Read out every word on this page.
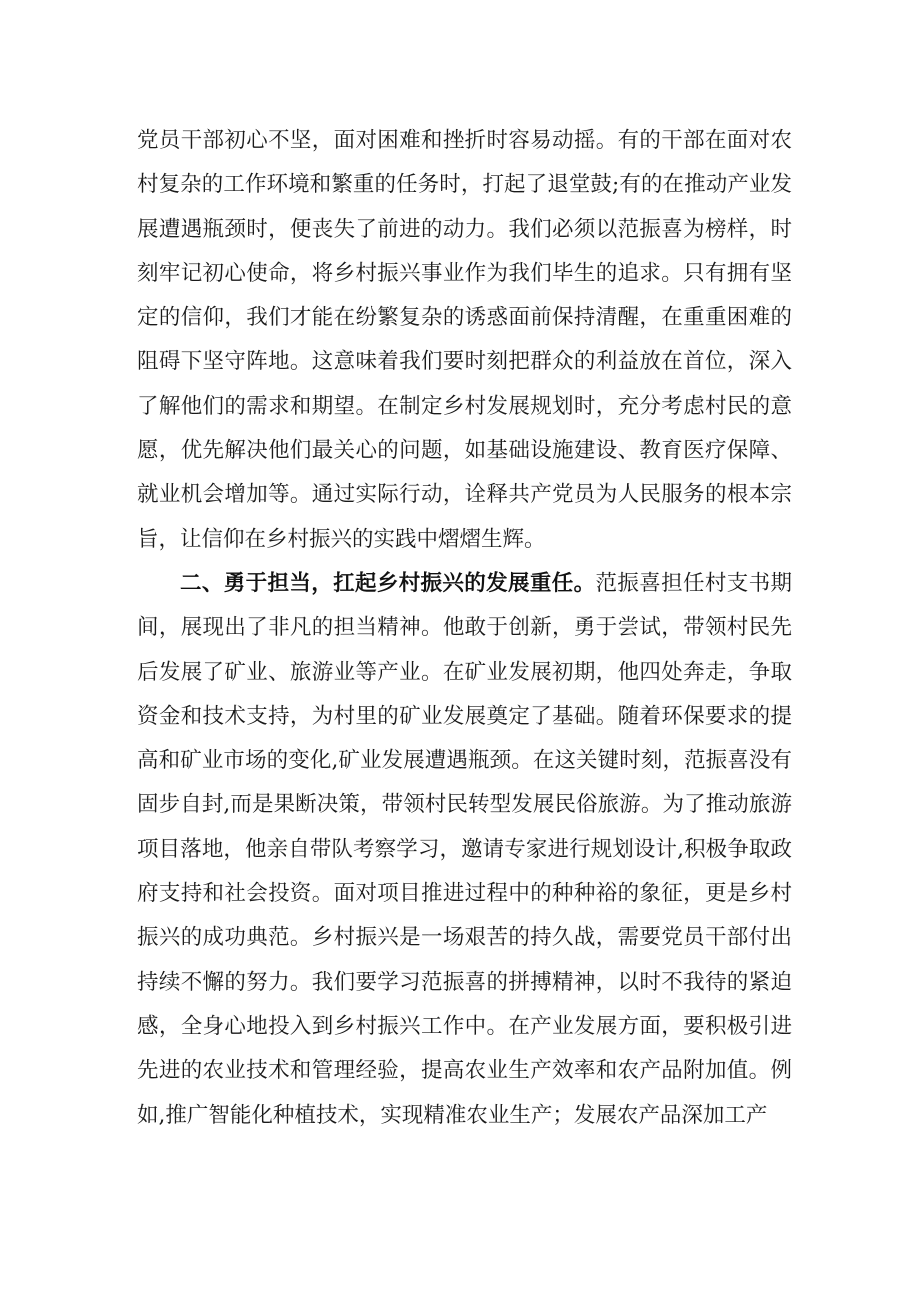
党员干部初心不坚，面对困难和挫折时容易动摇。有的干部在面对农村复杂的工作环境和繁重的任务时，打起了退堂鼓;有的在推动产业发展遭遇瓶颈时，便丧失了前进的动力。我们必须以范振喜为榜样，时刻牢记初心使命，将乡村振兴事业作为我们毕生的追求。只有拥有坚定的信仰，我们才能在纷繁复杂的诱惑面前保持清醒，在重重困难的阻碍下坚守阵地。这意味着我们要时刻把群众的利益放在首位，深入了解他们的需求和期望。在制定乡村发展规划时，充分考虑村民的意愿，优先解决他们最关心的问题，如基础设施建设、教育医疗保障、就业机会增加等。通过实际行动，诠释共产党员为人民服务的根本宗旨，让信仰在乡村振兴的实践中熠熠生辉。

二、勇于担当，扛起乡村振兴的发展重任。范振喜担任村支书期间，展现出了非凡的担当精神。他敢于创新，勇于尝试，带领村民先后发展了矿业、旅游业等产业。在矿业发展初期，他四处奔走，争取资金和技术支持，为村里的矿业发展奠定了基础。随着环保要求的提高和矿业市场的变化,矿业发展遭遇瓶颈。在这关键时刻，范振喜没有固步自封,而是果断决策，带领村民转型发展民俗旅游。为了推动旅游项目落地，他亲自带队考察学习，邀请专家进行规划设计,积极争取政府支持和社会投资。面对项目推进过程中的种种裕的象征，更是乡村振兴的成功典范。乡村振兴是一场艰苦的持久战，需要党员干部付出持续不懈的努力。我们要学习范振喜的拼搏精神，以时不我待的紧迫感，全身心地投入到乡村振兴工作中。在产业发展方面，要积极引进先进的农业技术和管理经验，提高农业生产效率和农产品附加值。例如,推广智能化种植技术，实现精准农业生产；发展农产品深加工产
